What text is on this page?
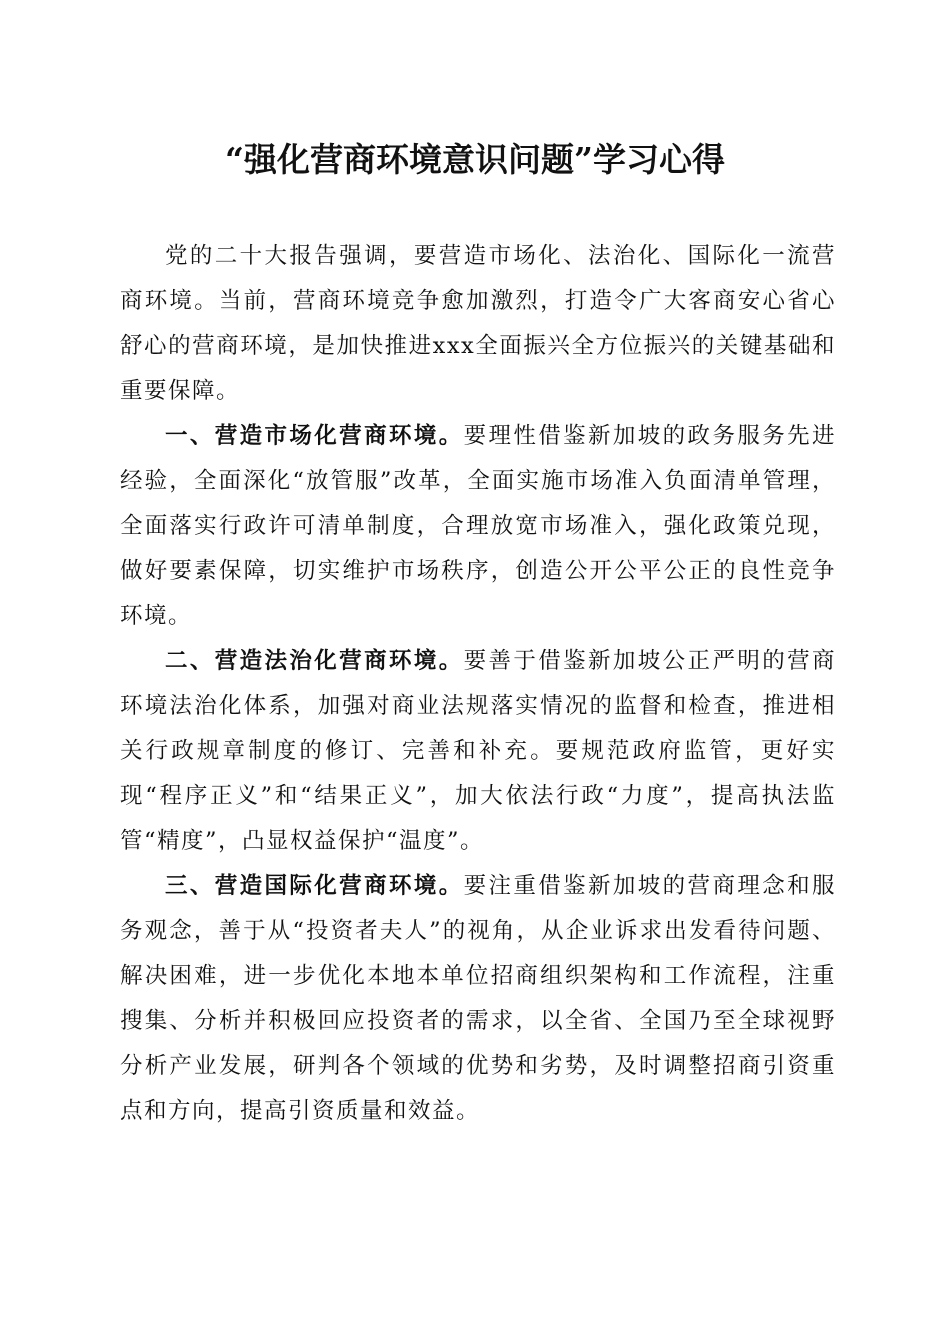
“强化营商环境意识问题”学习心得

党的二十大报告强调，要营造市场化、法治化、国际化一流营商环境。当前，营商环境竞争愈加激烈，打造令广大客商安心省心舒心的营商环境，是加快推进xxx全面振兴全方位振兴的关键基础和重要保障。

一、营造市场化营商环境。要理性借鉴新加坡的政务服务先进经验，全面深化“放管服”改革，全面实施市场准入负面清单管理，全面落实行政许可清单制度，合理放宽市场准入，强化政策兑现，做好要素保障，切实维护市场秩序，创造公开公平公正的良性竞争环境。

二、营造法治化营商环境。要善于借鉴新加坡公正严明的营商环境法治化体系，加强对商业法规落实情况的监督和检查，推进相关行政规章制度的修订、完善和补充。要规范政府监管，更好实现“程序正义”和“结果正义”，加大依法行政“力度”，提高执法监管“精度”，凸显权益保护“温度”。

三、营造国际化营商环境。要注重借鉴新加坡的营商理念和服务观念，善于从“投资者夫人”的视角，从企业诉求出发看待问题、解决困难，进一步优化本地本单位招商组织架构和工作流程，注重搜集、分析并积极回应投资者的需求，以全省、全国乃至全球视野分析产业发展，研判各个领域的优势和劣势，及时调整招商引资重点和方向，提高引资质量和效益。
